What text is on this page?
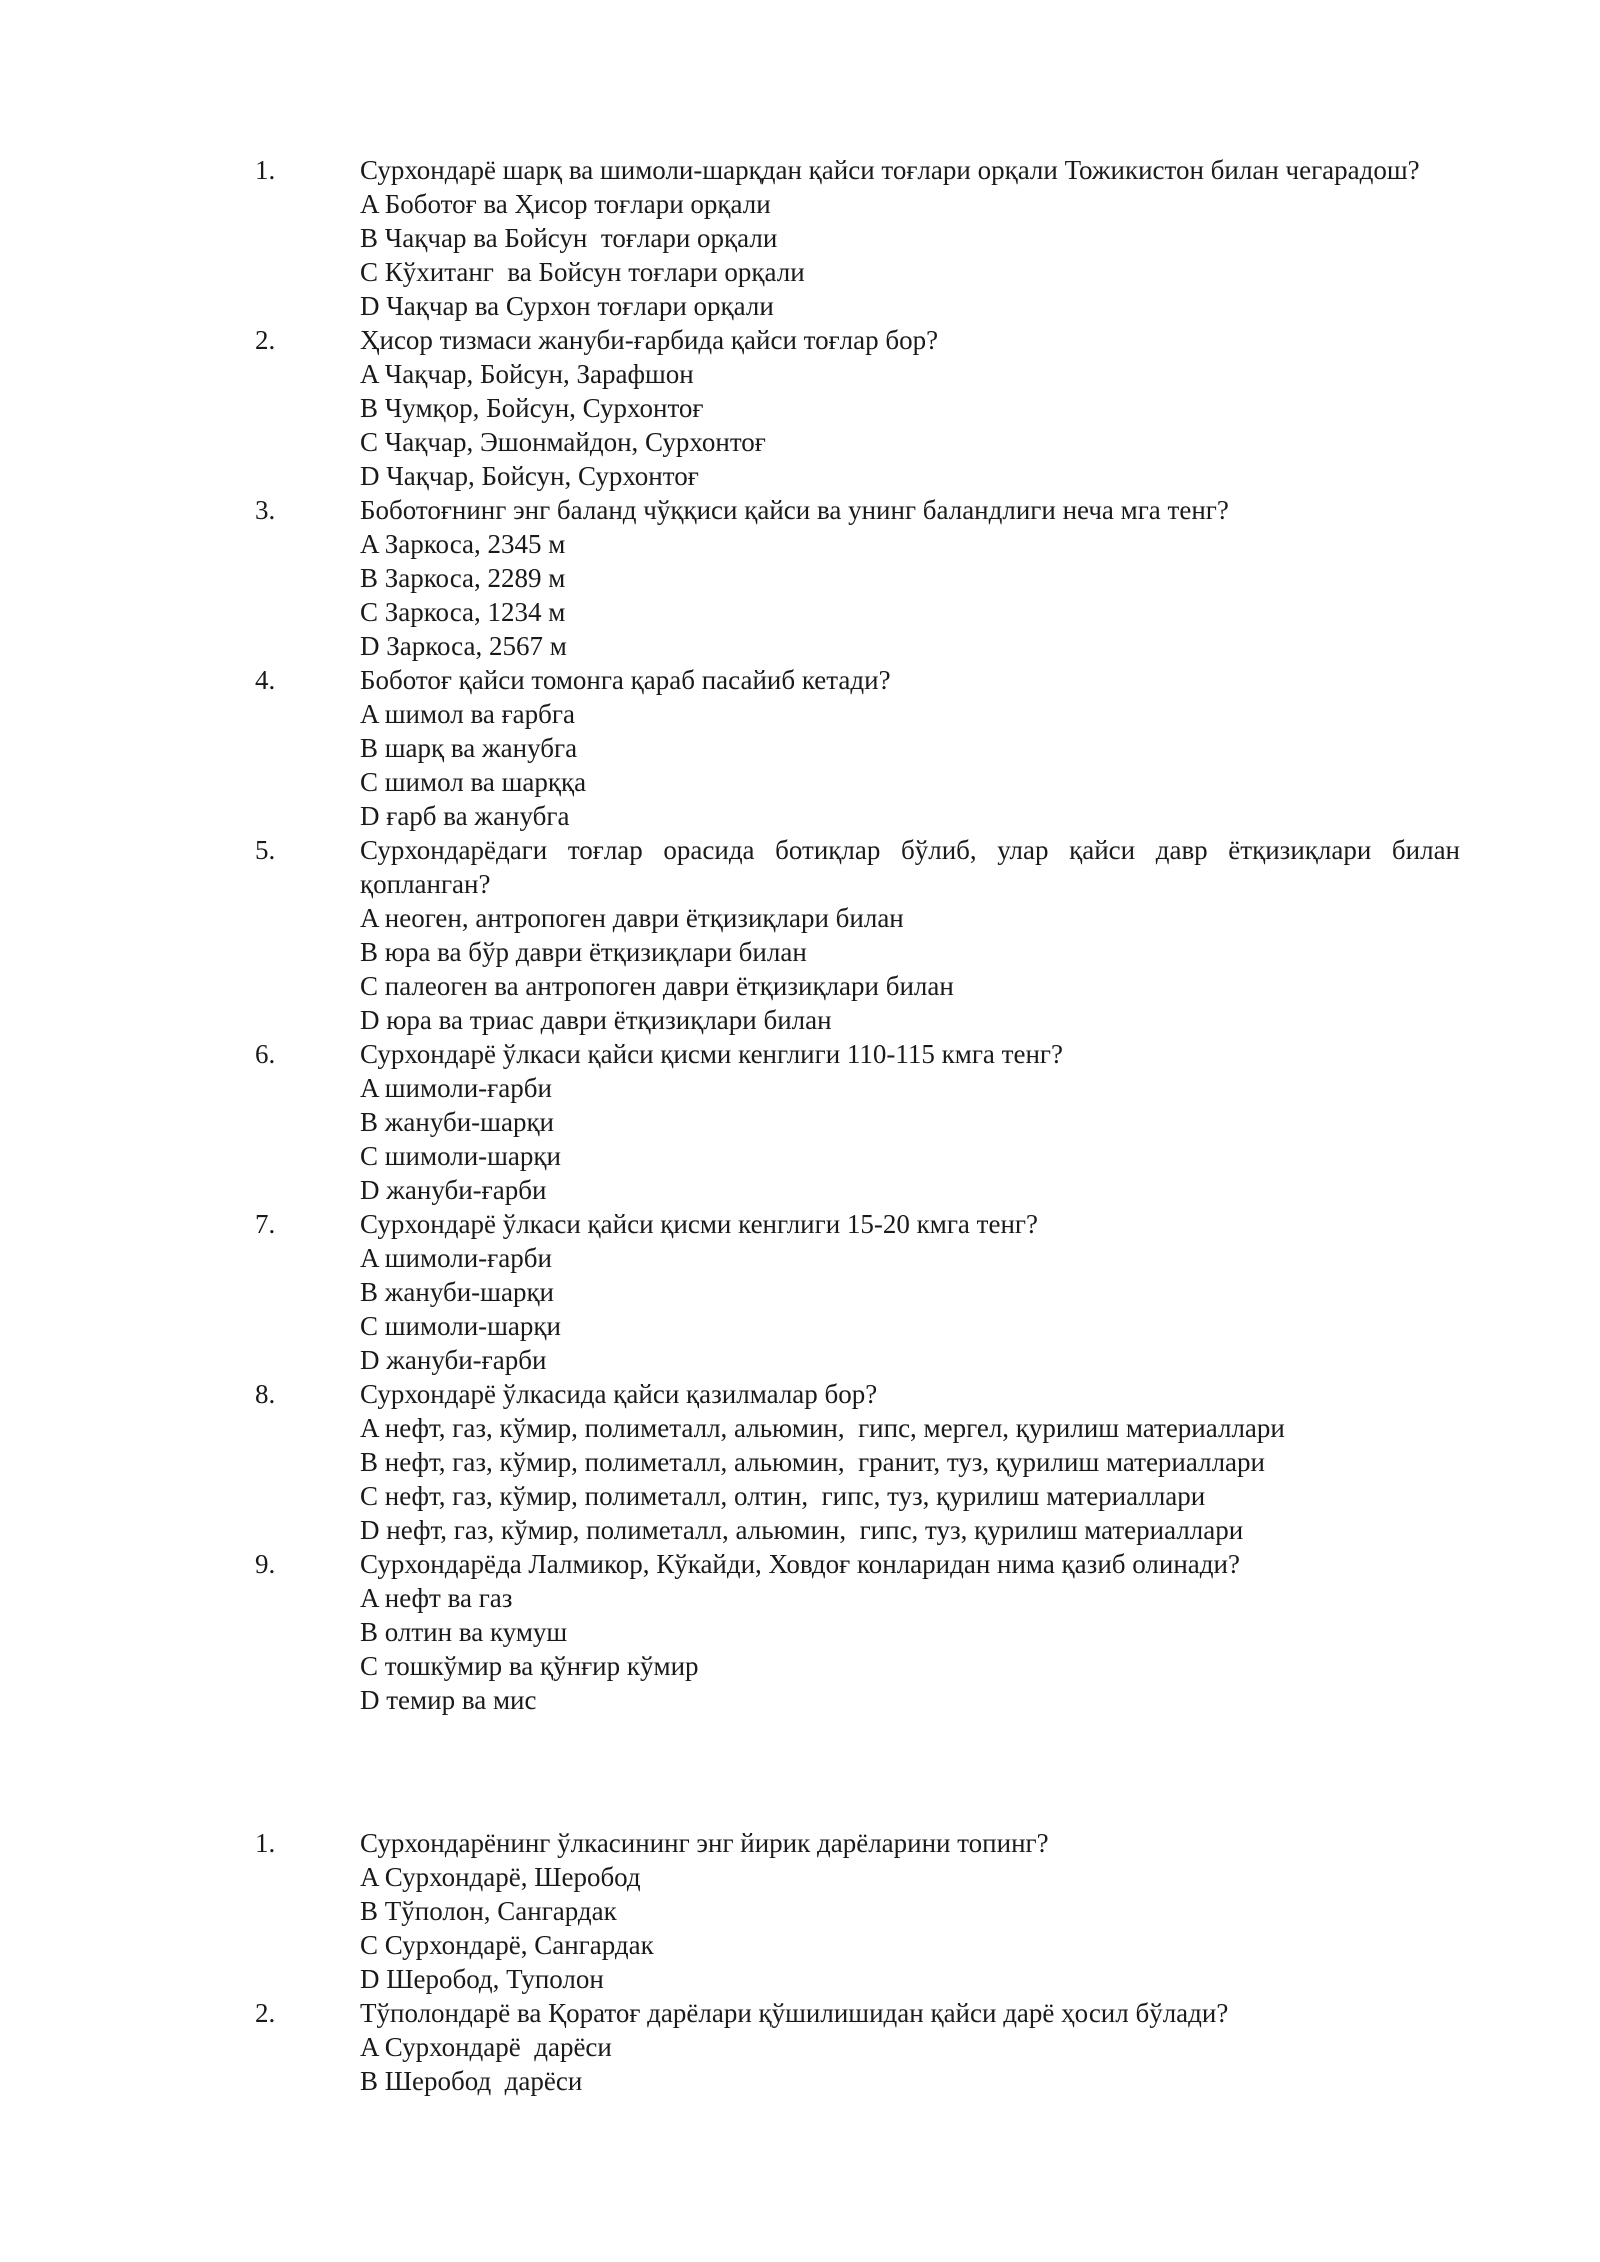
1.	Сурхондарё шарқ ва шимоли-шарқдан қайси тоғлари орқали Тожикистон билан чегарадош?
A Боботоғ ва Ҳисор тоғлари орқали
B Чақчар ва Бойсун  тоғлари орқали
C Кўхитанг  ва Бойсун тоғлари орқали
D Чақчар ва Сурхон тоғлари орқали
2.	Ҳисор тизмаси жануби-ғарбида қайси тоғлар бор?
A Чақчар, Бойсун, Зарафшон
B Чумқор, Бойсун, Сурхонтоғ
C Чақчар, Эшонмайдон, Сурхонтоғ
D Чақчар, Бойсун, Сурхонтоғ
3.	Боботоғнинг энг баланд чўққиси қайси ва унинг баландлиги неча мга тенг?
A Заркоса, 2345 м
B Заркоса, 2289 м
C Заркоса, 1234 м
D Заркоса, 2567 м
4.	Боботоғ қайси томонга қараб пасайиб кетади?
A шимол ва ғарбга
B шарқ ва жанубга
C шимол ва шарққа
D ғарб ва жанубга
5.	Сурхондарёдаги тоғлар орасида ботиқлар бўлиб, улар қайси давр ётқизиқлари билан қопланган?
A неоген, антропоген даври ётқизиқлари билан
B юра ва бўр даври ётқизиқлари билан
C палеоген ва антропоген даври ётқизиқлари билан
D юра ва триас даври ётқизиқлари билан
6.	Сурхондарё ўлкаси қайси қисми кенглиги 110-115 кмга тенг?
A шимоли-ғарби
B жануби-шарқи
C шимоли-шарқи
D жануби-ғарби
7.	Сурхондарё ўлкаси қайси қисми кенглиги 15-20 кмга тенг?
A шимоли-ғарби
B жануби-шарқи
C шимоли-шарқи
D жануби-ғарби
8.	Сурхондарё ўлкасида қайси қазилмалар бор?
A нефт, газ, кўмир, полиметалл, альюмин,  гипс, мергел, қурилиш материаллари
B нефт, газ, кўмир, полиметалл, альюмин,  гранит, туз, қурилиш материаллари
C нефт, газ, кўмир, полиметалл, олтин,  гипс, туз, қурилиш материаллари
D нефт, газ, кўмир, полиметалл, альюмин,  гипс, туз, қурилиш материаллари
9.	Сурхондарёда Лалмикор, Кўкайди, Ховдоғ конларидан нима қазиб олинади?
A нефт ва газ
B олтин ва кумуш
C тошкўмир ва қўнғир кўмир
D темир ва мис
1.	Сурхондарёнинг ўлкасининг энг йирик дарёларини топинг?
A Сурхондарё, Шеробод
B Тўполон, Сангардак
C Сурхондарё, Сангардак
D Шеробод, Туполон
2.	Тўполондарё ва Қоратоғ дарёлари қўшилишидан қайси дарё ҳосил бўлади?
A Сурхондарё  дарёси
B Шеробод  дарёси
